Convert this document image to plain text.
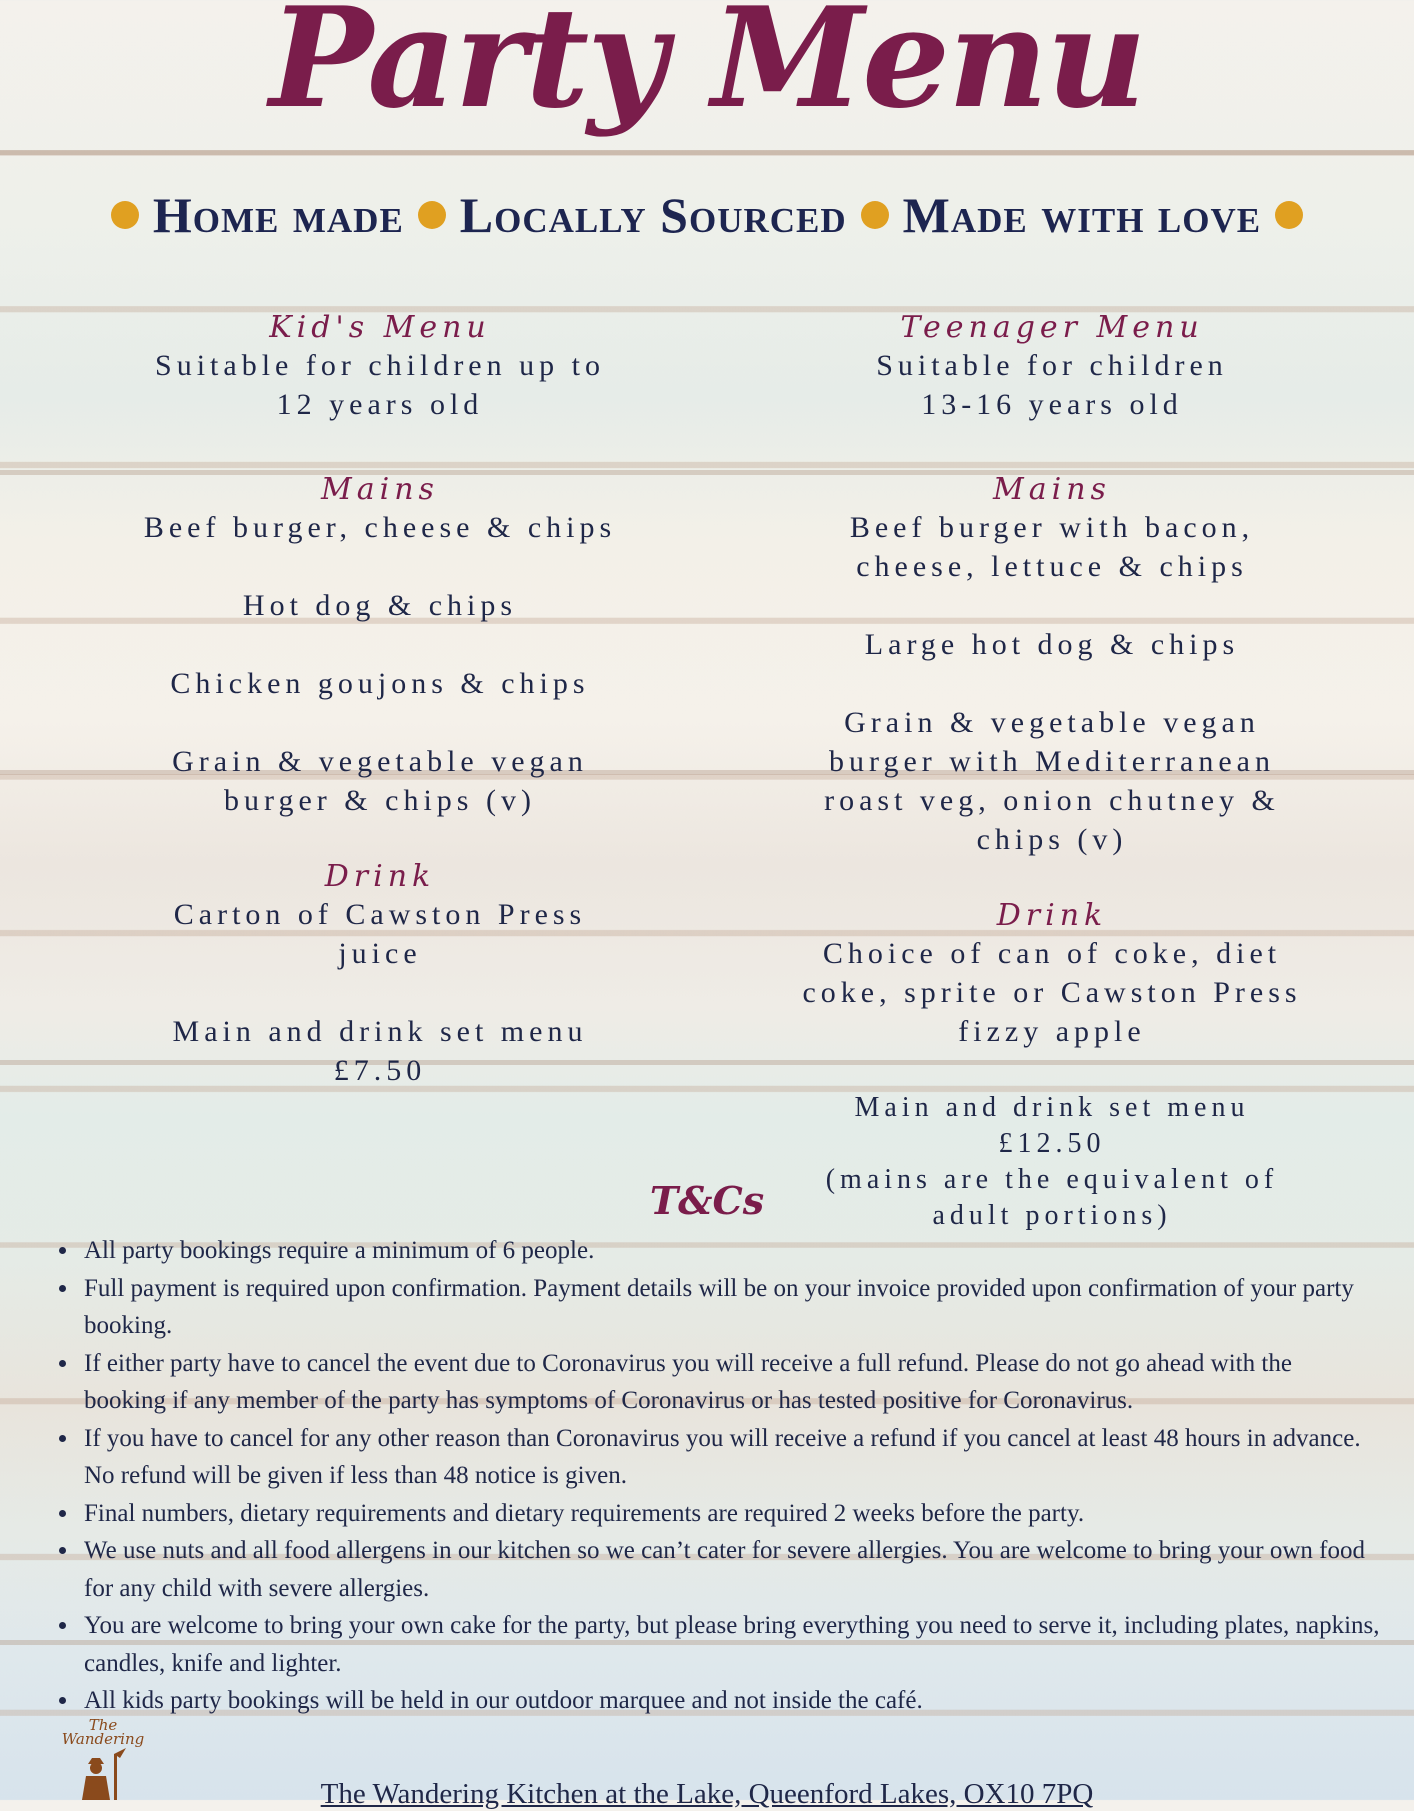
Party Menu
Home made Locally Sourced Made with love
Kid's Menu
Suitable for children up to
12 years old
Mains
Beef burger, cheese & chips
Hot dog & chips
Chicken goujons & chips
Grain & vegetable vegan
burger & chips (v)
Drink
Carton of Cawston Press
juice
Main and drink set menu
£7.50
Teenager Menu
Suitable for children
13-16 years old
Mains
Beef burger with bacon,
cheese, lettuce & chips
Large hot dog & chips
Grain & vegetable vegan
burger with Mediterranean
roast veg, onion chutney &
chips (v)
Drink
Choice of can of coke, diet
coke, sprite or Cawston Press
fizzy apple
Main and drink set menu
£12.50
(mains are the equivalent of
adult portions)
T&Cs
• All party bookings require a minimum of 6 people.
• Full payment is required upon confirmation. Payment details will be on your invoice provided upon confirmation of your party booking.
• If either party have to cancel the event due to Coronavirus you will receive a full refund. Please do not go ahead with the booking if any member of the party has symptoms of Coronavirus or has tested positive for Coronavirus.
• If you have to cancel for any other reason than Coronavirus you will receive a refund if you cancel at least 48 hours in advance. No refund will be given if less than 48 notice is given.
• Final numbers, dietary requirements and dietary requirements are required 2 weeks before the party.
• We use nuts and all food allergens in our kitchen so we can’t cater for severe allergies. You are welcome to bring your own food for any child with severe allergies.
• You are welcome to bring your own cake for the party, but please bring everything you need to serve it, including plates, napkins, candles, knife and lighter.
• All kids party bookings will be held in our outdoor marquee and not inside the café.
The
Wandering
The Wandering Kitchen at the Lake, Queenford Lakes, OX10 7PQ
